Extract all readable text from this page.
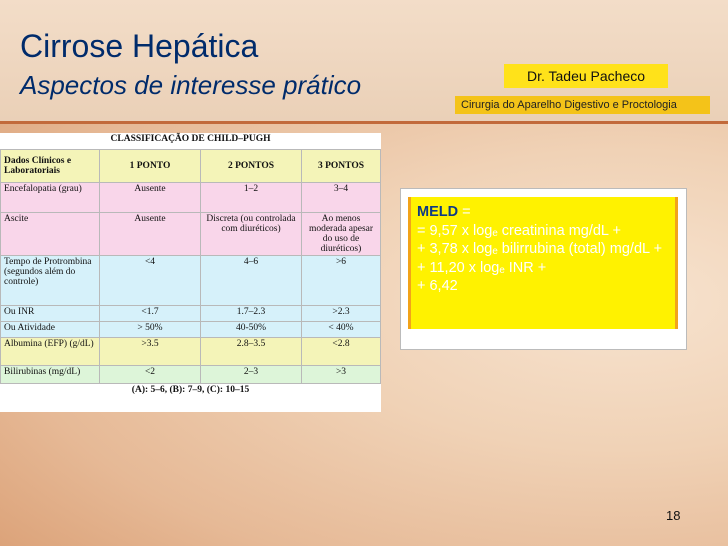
Cirrose Hepática
Aspectos de interesse prático	Dr. Tadeu Pacheco
Cirurgia do Aparelho Digestivo e Proctologia
CLASSIFICAÇÃO DE CHILD–PUGH			
Dados Clínicos e Laboratoriais	1 PONTO	2 PONTOS	3 PONTOS
Encefalopatia (grau)	Ausente	1–2	3–4
Ascite	Ausente	Discreta (ou controlada com diuréticos)	Ao menos moderada apesar do uso de diuréticos)
Tempo de Protrombina (segundos além do controle)	<4	4–6	>6
Ou INR	<1.7	1.7–2.3	>2.3
Ou Atividade	> 50%	40-50%	< 40%
Albumina (EFP) (g/dL)	>3.5	2.8–3.5	<2.8
Bilirubinas (mg/dL)	<2	2–3	>3
(A): 5–6, (B): 7–9, (C): 10–15			
MELD =
= 9,57 x logₑ creatinina mg/dL +
+ 3,78 x logₑ bilirrubina (total) mg/dL +
+ 11,20 x logₑ INR +
+ 6,42
18
